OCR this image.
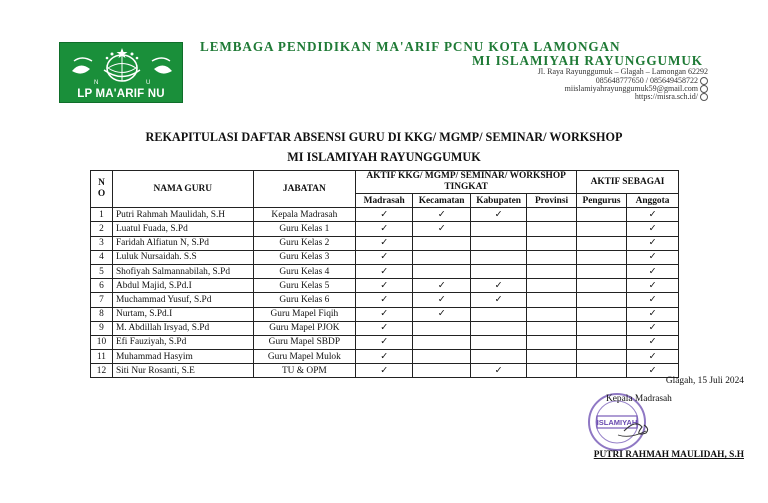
N	U
LP MA'ARIF NU
LEMBAGA PENDIDIKAN MA'ARIF PCNU KOTA LAMONGAN
MI ISLAMIYAH RAYUNGGUMUK
Jl. Raya Rayunggumuk – Glagah – Lamongan 62292
085648777650 / 085649458722
miislamiyahrayunggumuk59@gmail.com
https://misra.sch.id/
REKAPITULASI DAFTAR ABSENSI GURU DI KKG/ MGMP/ SEMINAR/ WORKSHOP
MI ISLAMIYAH RAYUNGGUMUK
NO	NAMA GURU	JABATAN	AKTIF KKG/ MGMP/ SEMINAR/ WORKSHOP TINGKAT				AKTIF SEBAGAI	
			Madrasah	Kecamatan	Kabupaten	Provinsi	Pengurus	Anggota
1	Putri Rahmah Maulidah, S.H	Kepala Madrasah	✓	✓	✓			✓
2	Luatul Fuada, S.Pd	Guru Kelas 1	✓	✓				✓
3	Faridah Alfiatun N, S.Pd	Guru Kelas 2	✓					✓
4	Luluk Nursaidah. S.S	Guru Kelas 3	✓					✓
5	Shofiyah Salmannabilah, S.Pd	Guru Kelas 4	✓					✓
6	Abdul Majid, S.Pd.I	Guru Kelas 5	✓	✓	✓			✓
7	Muchammad Yusuf, S.Pd	Guru Kelas 6	✓	✓	✓			✓
8	Nurtam, S.Pd.I	Guru Mapel Fiqih	✓	✓				✓
9	M. Abdillah Irsyad, S.Pd	Guru Mapel PJOK	✓					✓
10	Efi Fauziyah, S.Pd	Guru Mapel SBDP	✓					✓
11	Muhammad Hasyim	Guru Mapel Mulok	✓					✓
12	Siti Nur Rosanti, S.E	TU & OPM	✓		✓			✓
Glagah, 15 Juli 2024
ISLAMIYAH
Kepala Madrasah
PUTRI RAHMAH MAULIDAH, S.H
